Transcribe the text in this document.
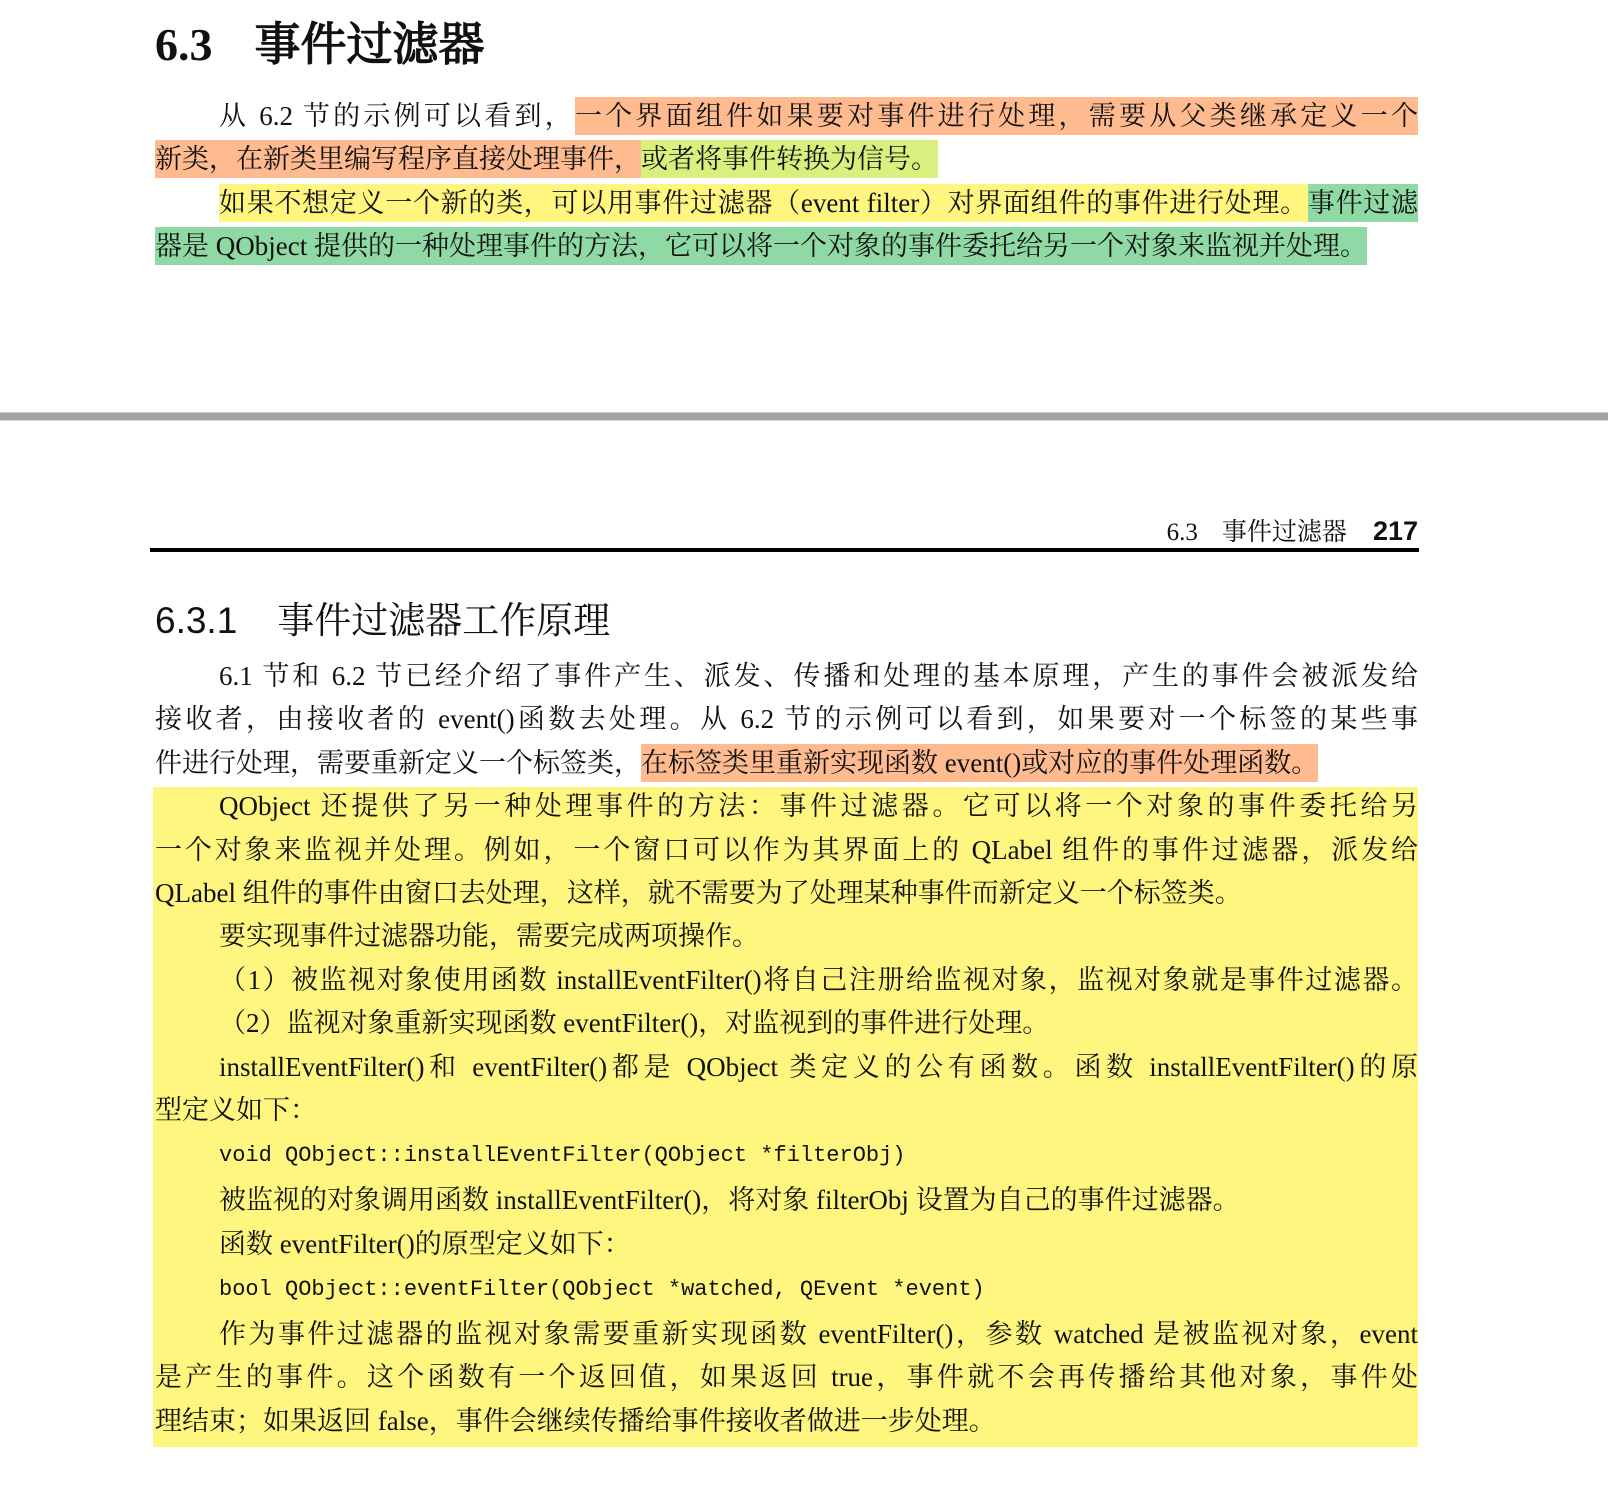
6.3 事件过滤器
从 6.2 节的示例可以看到，一个界面组件如果要对事件进行处理，需要从父类继承定义一个
新类，在新类里编写程序直接处理事件，或者将事件转换为信号。
如果不想定义一个新的类，可以用事件过滤器（event filter）对界面组件的事件进行处理。事件过滤
器是 QObject 提供的一种处理事件的方法，它可以将一个对象的事件委托给另一个对象来监视并处理。
6.3 事件过滤器 217
6.3.1 事件过滤器工作原理
6.1 节和 6.2 节已经介绍了事件产生、派发、传播和处理的基本原理，产生的事件会被派发给
接收者，由接收者的 event()函数去处理。从 6.2 节的示例可以看到，如果要对一个标签的某些事
件进行处理，需要重新定义一个标签类，在标签类里重新实现函数 event()或对应的事件处理函数。
QObject 还提供了另一种处理事件的方法：事件过滤器。它可以将一个对象的事件委托给另
一个对象来监视并处理。例如，一个窗口可以作为其界面上的 QLabel 组件的事件过滤器，派发给
QLabel 组件的事件由窗口去处理，这样，就不需要为了处理某种事件而新定义一个标签类。
要实现事件过滤器功能，需要完成两项操作。
（1）被监视对象使用函数 installEventFilter()将自己注册给监视对象，监视对象就是事件过滤器。
（2）监视对象重新实现函数 eventFilter()，对监视到的事件进行处理。
installEventFilter()和 eventFilter()都是 QObject 类定义的公有函数。函数 installEventFilter()的原
型定义如下：
void QObject::installEventFilter(QObject *filterObj)
被监视的对象调用函数 installEventFilter()，将对象 filterObj 设置为自己的事件过滤器。
函数 eventFilter()的原型定义如下：
bool QObject::eventFilter(QObject *watched, QEvent *event)
作为事件过滤器的监视对象需要重新实现函数 eventFilter()，参数 watched 是被监视对象，event
是产生的事件。这个函数有一个返回值，如果返回 true，事件就不会再传播给其他对象，事件处
理结束；如果返回 false，事件会继续传播给事件接收者做进一步处理。
